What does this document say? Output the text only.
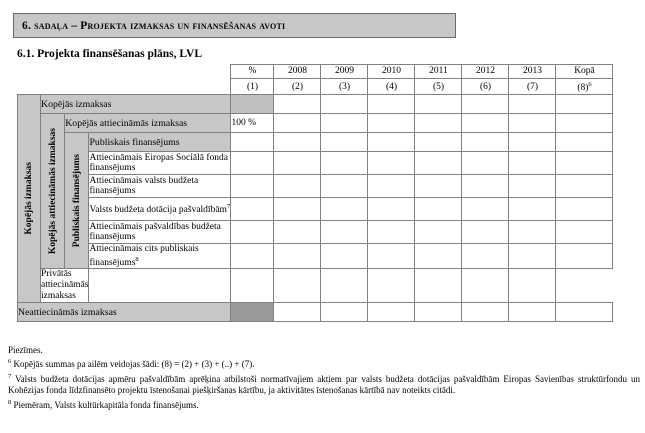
6. sadaļa – Projekta izmaksas un finansēšanas avoti
6.1. Projekta finansēšanas plāns, LVL
				%	2008	2009	2010	2011	2012	2013	Kopā
				(1)	(2)	(3)	(4)	(5)	(6)	(7)	$(8)^6$

Kopējās izmaksas	Kopējās izmaksas										

	Kopējās attiecināmās izmaksas	Kopējās attiecināmās izmaksas		100 %							

		Publiskais finansējums	Publiskais finansējums								
			Attiecināmais Eiropas Sociālā fonda finansējums								
			Attiecināmais valsts budžeta finansējums								
			Valsts budžeta dotācija pašvaldībām$^7$								
			Attiecināmais pašvaldības budžeta finansējums								
			Attiecināmais cits publiskais finansējums$^8$								
	Privātās attiecināmās izmaksas										
Neattiecināmās izmaksas											
Piezīmes.
$^6$ Kopējās summas pa ailēm veidojas šādi: (8) = (2) + (3) + (..) + (7).
$^7$ Valsts budžeta dotācijas apmēru pašvaldībām aprēķina atbilstoši normatīvajiem aktiem par valsts budžeta dotācijas pašvaldībām Eiropas Savienības struktūrfondu un Kohēzijas fonda līdzfinansēto projektu īstenošanai piešķiršanas kārtību, ja aktivitātes īstenošanas kārtībā nav noteikts citādi.
$^8$ Piemēram, Valsts kultūrkapitāla fonda finansējums.
